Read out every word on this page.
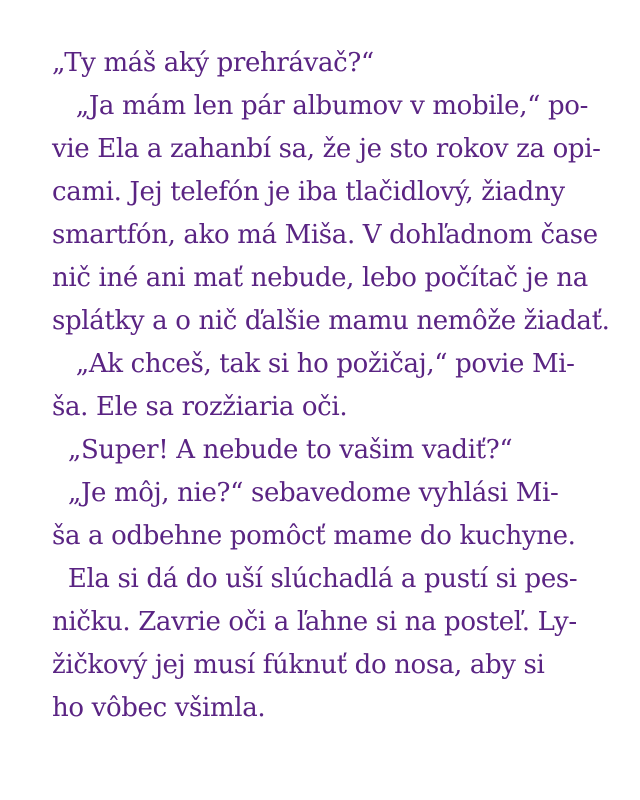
„Ty máš aký prehrávač?“
„Ja mám len pár albumov v mobile,“ po-
vie Ela a zahanbí sa, že je sto rokov za opi-
cami. Jej telefón je iba tlačidlový, žiadny
smartfón, ako má Miša. V dohľadnom čase
nič iné ani mať nebude, lebo počítač je na
splátky a o nič ďalšie mamu nemôže žiadať.
„Ak chceš, tak si ho požičaj,“ povie Mi-
ša. Ele sa rozžiaria oči.
„Super! A nebude to vašim vadiť?“
„Je môj, nie?“ sebavedome vyhlási Mi-
ša a odbehne pomôcť mame do kuchyne.
Ela si dá do uší slúchadlá a pustí si pes-
ničku. Zavrie oči a ľahne si na posteľ. Ly-
žičkový jej musí fúknuť do nosa, aby si
ho vôbec všimla.
